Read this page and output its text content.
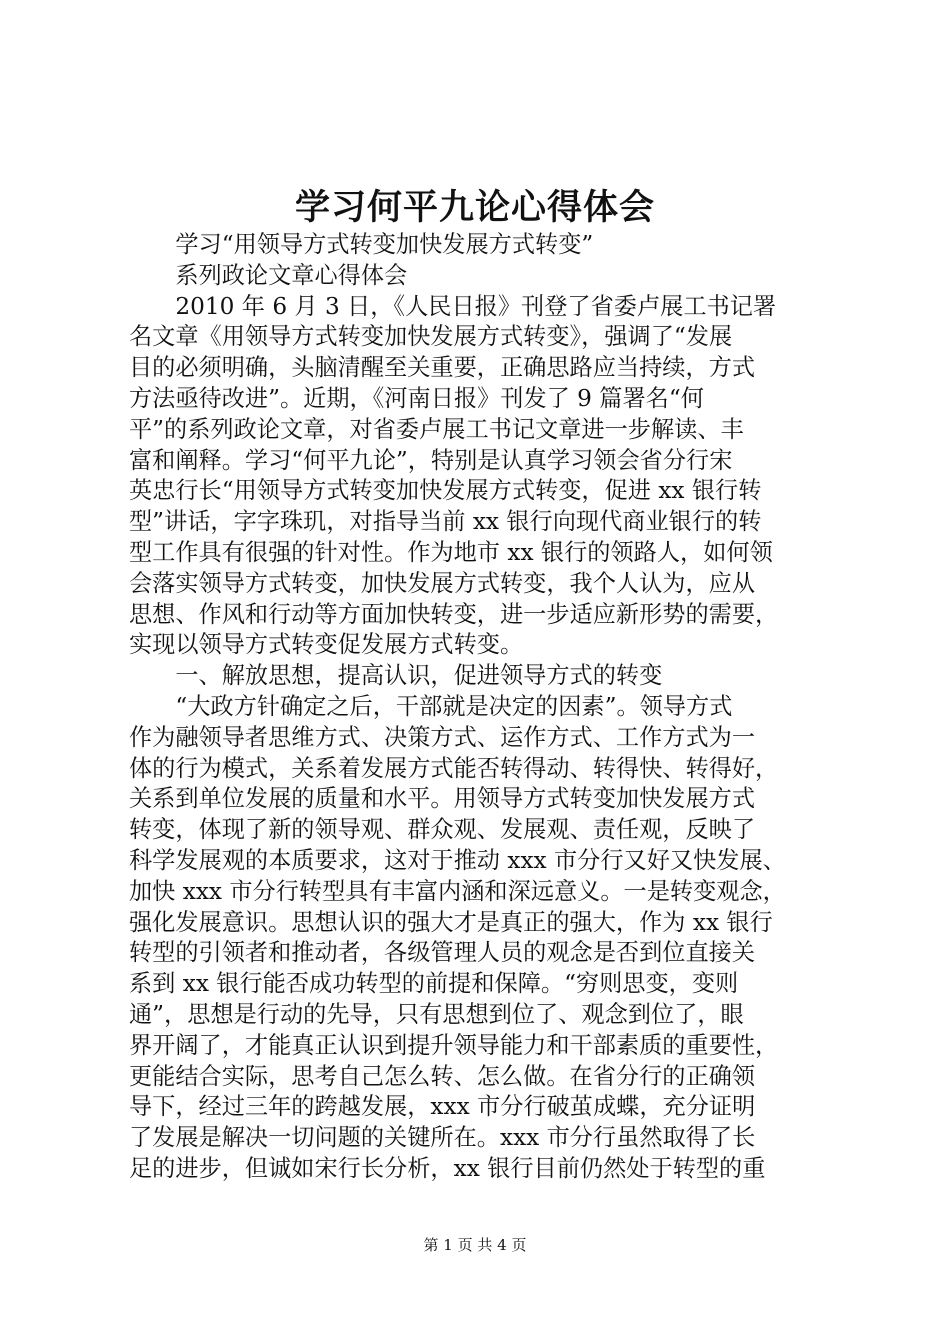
学习何平九论心得体会
　　学习“用领导方式转变加快发展方式转变”
　　系列政论文章心得体会
　　2010 年 6 月 3 日，《人民日报》刊登了省委卢展工书记署
名文章《用领导方式转变加快发展方式转变》，强调了“发展
目的必须明确，头脑清醒至关重要，正确思路应当持续，方式
方法亟待改进”。近期，《河南日报》刊发了 9 篇署名“何
平”的系列政论文章，对省委卢展工书记文章进一步解读、丰
富和阐释。学习“何平九论”，特别是认真学习领会省分行宋
英忠行长“用领导方式转变加快发展方式转变，促进 xx 银行转
型”讲话，字字珠玑，对指导当前 xx 银行向现代商业银行的转
型工作具有很强的针对性。作为地市 xx 银行的领路人，如何领
会落实领导方式转变，加快发展方式转变，我个人认为，应从
思想、作风和行动等方面加快转变，进一步适应新形势的需要，
实现以领导方式转变促发展方式转变。
　　一、解放思想，提高认识，促进领导方式的转变
　　“大政方针确定之后，干部就是决定的因素”。领导方式
作为融领导者思维方式、决策方式、运作方式、工作方式为一
体的行为模式，关系着发展方式能否转得动、转得快、转得好，
关系到单位发展的质量和水平。用领导方式转变加快发展方式
转变，体现了新的领导观、群众观、发展观、责任观，反映了
科学发展观的本质要求，这对于推动 xxx 市分行又好又快发展、
加快 xxx 市分行转型具有丰富内涵和深远意义。一是转变观念，
强化发展意识。思想认识的强大才是真正的强大，作为 xx 银行
转型的引领者和推动者，各级管理人员的观念是否到位直接关
系到 xx 银行能否成功转型的前提和保障。“穷则思变，变则
通”，思想是行动的先导，只有思想到位了、观念到位了，眼
界开阔了，才能真正认识到提升领导能力和干部素质的重要性，
更能结合实际，思考自己怎么转、怎么做。在省分行的正确领
导下，经过三年的跨越发展，xxx 市分行破茧成蝶，充分证明
了发展是解决一切问题的关键所在。xxx 市分行虽然取得了长
足的进步，但诚如宋行长分析，xx 银行目前仍然处于转型的重
第 1 页 共 4 页
